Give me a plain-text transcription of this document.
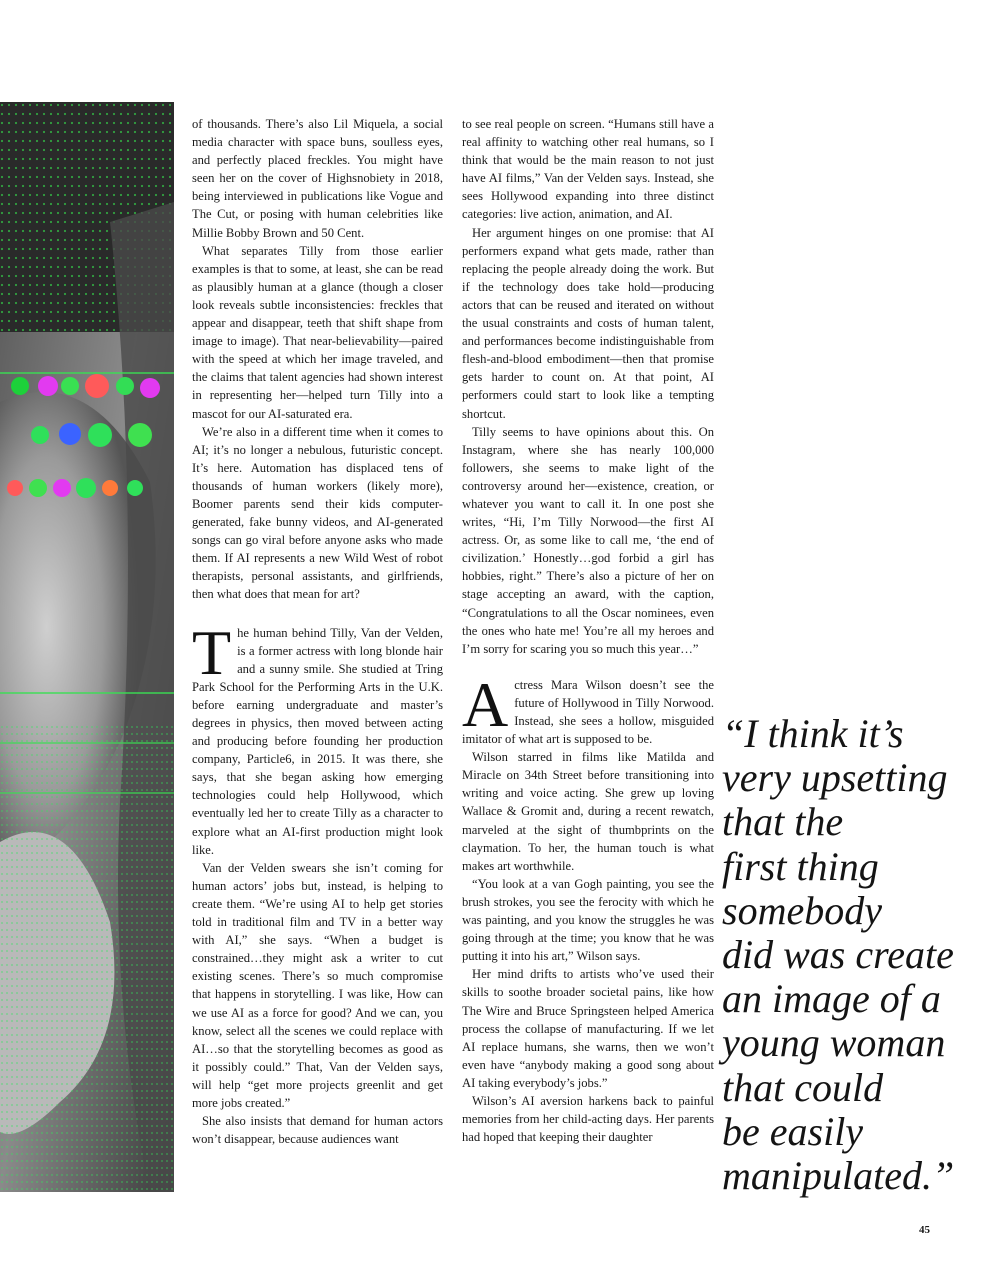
of thousands. There’s also Lil Miquela, a social media character with space buns, soulless eyes, and perfectly placed freckles. You might have seen her on the cover of Highsnobiety in 2018, being interviewed in publications like Vogue and The Cut, or posing with human celebrities like Millie Bobby Brown and 50 Cent.

What separates Tilly from those earlier examples is that to some, at least, she can be read as plausibly human at a glance (though a closer look reveals subtle inconsistencies: freckles that appear and disappear, teeth that shift shape from image to image). That near-believability—paired with the speed at which her image traveled, and the claims that talent agencies had shown interest in representing her—helped turn Tilly into a mascot for our AI-saturated era.

We’re also in a different time when it comes to AI; it’s no longer a nebulous, futuristic concept. It’s here. Automation has displaced tens of thousands of human workers (likely more), Boomer parents send their kids computer-generated, fake bunny videos, and AI-generated songs can go viral before anyone asks who made them. If AI represents a new Wild West of robot therapists, personal assistants, and girlfriends, then what does that mean for art?

The human behind Tilly, Van der Velden, is a former actress with long blonde hair and a sunny smile. She studied at Tring Park School for the Performing Arts in the U.K. before earning undergraduate and master’s degrees in physics, then moved between acting and producing before founding her production company, Particle6, in 2015. It was there, she says, that she began asking how emerging technologies could help Hollywood, which eventually led her to create Tilly as a character to explore what an AI-first production might look like.

Van der Velden swears she isn’t coming for human actors’ jobs but, instead, is helping to create them. “We’re using AI to help get stories told in traditional film and TV in a better way with AI,” she says. “When a budget is constrained…they might ask a writer to cut existing scenes. There’s so much compromise that happens in storytelling. I was like, How can we use AI as a force for good? And we can, you know, select all the scenes we could replace with AI…so that the storytelling becomes as good as it possibly could.” That, Van der Velden says, will help “get more projects greenlit and get more jobs created.”

She also insists that demand for human actors won’t disappear, because audiences want

to see real people on screen. “Humans still have a real affinity to watching other real humans, so I think that would be the main reason to not just have AI films,” Van der Velden says. Instead, she sees Hollywood expanding into three distinct categories: live action, animation, and AI.

Her argument hinges on one promise: that AI performers expand what gets made, rather than replacing the people already doing the work. But if the technology does take hold—producing actors that can be reused and iterated on without the usual constraints and costs of human talent, and performances become indistinguishable from flesh-and-blood embodiment—then that promise gets harder to count on. At that point, AI performers could start to look like a tempting shortcut.

Tilly seems to have opinions about this. On Instagram, where she has nearly 100,000 followers, she seems to make light of the controversy around her—existence, creation, or whatever you want to call it. In one post she writes, “Hi, I’m Tilly Norwood—the first AI actress. Or, as some like to call me, ‘the end of civilization.’ Honestly…god forbid a girl has hobbies, right.” There’s also a picture of her on stage accepting an award, with the caption, “Congratulations to all the Oscar nominees, even the ones who hate me! You’re all my heroes and I’m sorry for scaring you so much this year…”

Actress Mara Wilson doesn’t see the future of Hollywood in Tilly Norwood. Instead, she sees a hollow, misguided imitator of what art is supposed to be.

Wilson starred in films like Matilda and Miracle on 34th Street before transitioning into writing and voice acting. She grew up loving Wallace & Gromit and, during a recent rewatch, marveled at the sight of thumbprints on the claymation. To her, the human touch is what makes art worthwhile.

“You look at a van Gogh painting, you see the brush strokes, you see the ferocity with which he was painting, and you know the struggles he was going through at the time; you know that he was putting it into his art,” Wilson says.

Her mind drifts to artists who’ve used their skills to soothe broader societal pains, like how The Wire and Bruce Springsteen helped America process the collapse of manufacturing. If we let AI replace humans, she warns, then we won’t even have “anybody making a good song about AI taking everybody’s jobs.”

Wilson’s AI aversion harkens back to painful memories from her child-acting days. Her parents had hoped that keeping their daughter

“I think it’s
very upsetting
that the
first thing
somebody
did was create
an image of a
young woman
that could
be easily
manipulated.”
45
